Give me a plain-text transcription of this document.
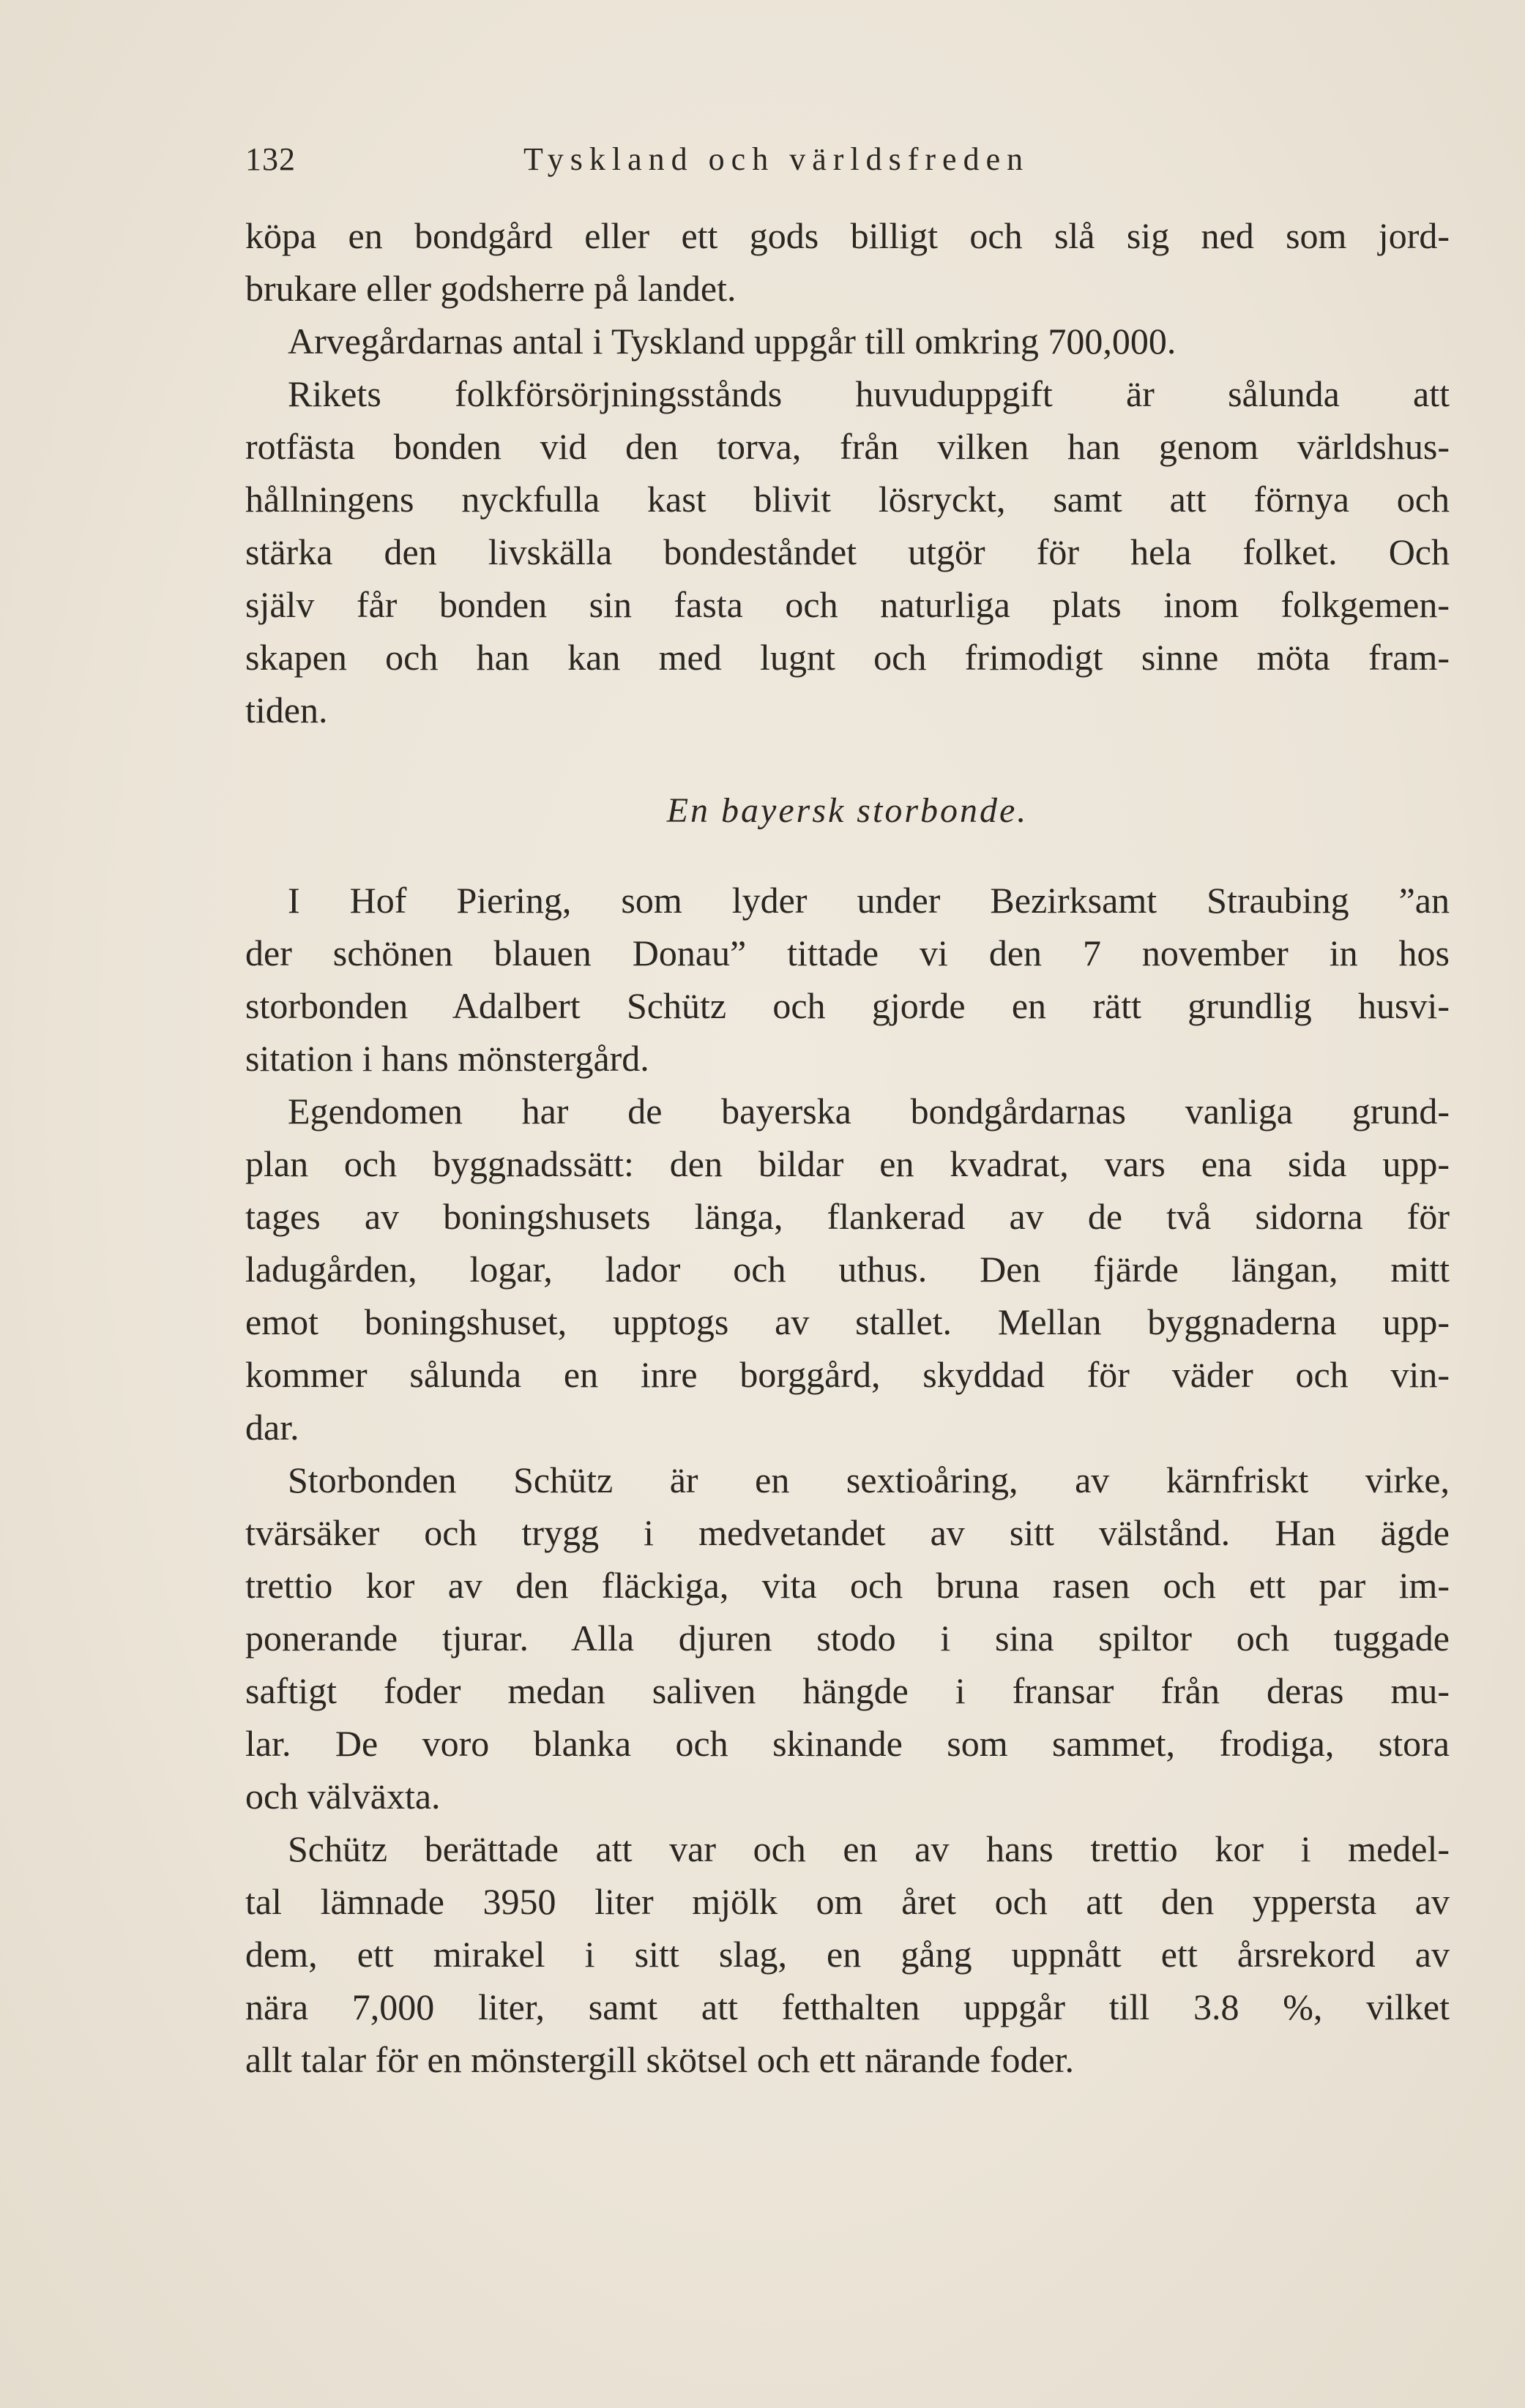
132	Tyskland och världsfreden
köpa en bondgård eller ett gods billigt och slå sig ned som jord-
brukare eller godsherre på landet.
Arvegårdarnas antal i Tyskland uppgår till omkring 700,000.
Rikets folkförsörjningsstånds huvuduppgift är sålunda att
rotfästa bonden vid den torva, från vilken han genom världshus-
hållningens nyckfulla kast blivit lösryckt, samt att förnya och
stärka den livskälla bondeståndet utgör för hela folket. Och
själv får bonden sin fasta och naturliga plats inom folkgemen-
skapen och han kan med lugnt och frimodigt sinne möta fram-
tiden.
En bayersk storbonde.
I Hof Piering, som lyder under Bezirksamt Straubing ”an
der schönen blauen Donau” tittade vi den 7 november in hos
storbonden Adalbert Schütz och gjorde en rätt grundlig husvi-
sitation i hans mönstergård.
Egendomen har de bayerska bondgårdarnas vanliga grund-
plan och byggnadssätt: den bildar en kvadrat, vars ena sida upp-
tages av boningshusets länga, flankerad av de två sidorna för
ladugården, logar, lador och uthus. Den fjärde längan, mitt
emot boningshuset, upptogs av stallet. Mellan byggnaderna upp-
kommer sålunda en inre borggård, skyddad för väder och vin-
dar.
Storbonden Schütz är en sextioåring, av kärnfriskt virke,
tvärsäker och trygg i medvetandet av sitt välstånd. Han ägde
trettio kor av den fläckiga, vita och bruna rasen och ett par im-
ponerande tjurar. Alla djuren stodo i sina spiltor och tuggade
saftigt foder medan saliven hängde i fransar från deras mu-
lar. De voro blanka och skinande som sammet, frodiga, stora
och välväxta.
Schütz berättade att var och en av hans trettio kor i medel-
tal lämnade 3950 liter mjölk om året och att den yppersta av
dem, ett mirakel i sitt slag, en gång uppnått ett årsrekord av
nära 7,000 liter, samt att fetthalten uppgår till 3.8 %, vilket
allt talar för en mönstergill skötsel och ett närande foder.
